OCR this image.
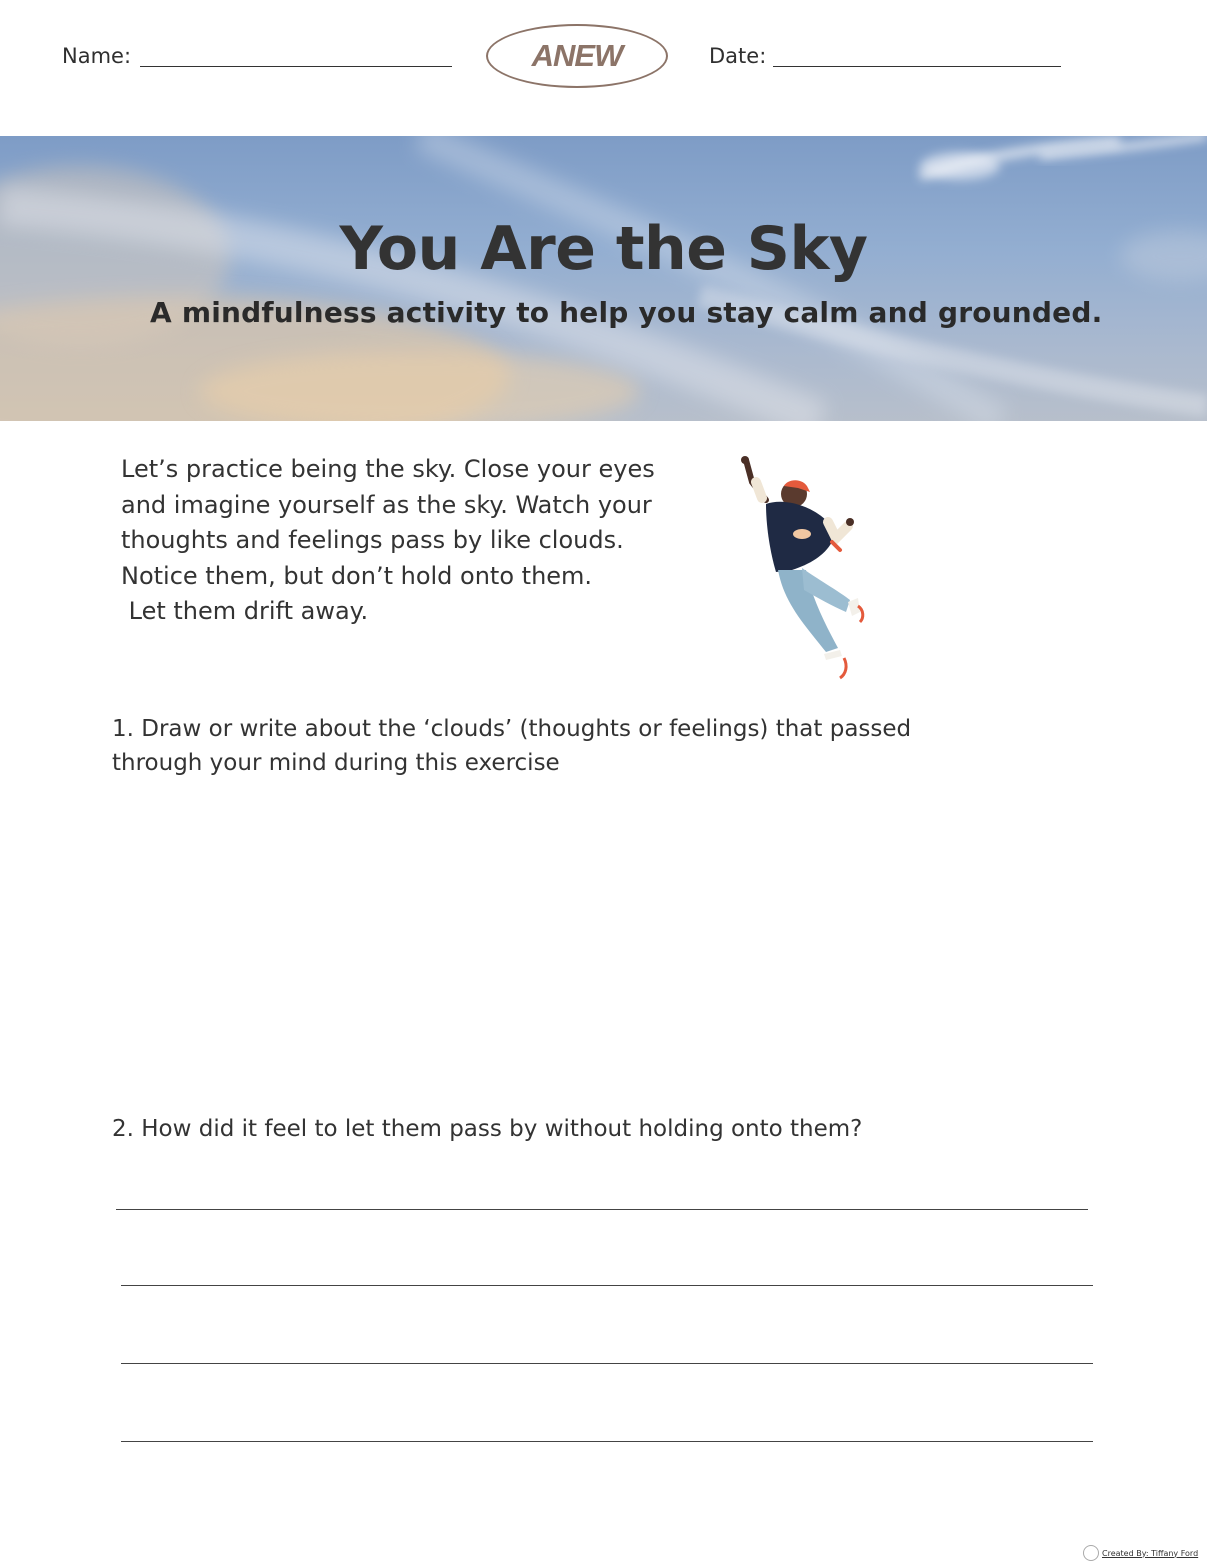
Name:	ANEW	Date:
You Are the Sky
A mindfulness activity to help you stay calm and grounded.
Let’s practice being the sky. Close your eyes
and imagine yourself as the sky. Watch your
thoughts and feelings pass by like clouds.
Notice them, but don’t hold onto them.
Let them drift away.
1. Draw or write about the ‘clouds’ (thoughts or feelings) that passed
through your mind during this exercise
2. How did it feel to let them pass by without holding onto them?
Created By: Tiffany Ford
